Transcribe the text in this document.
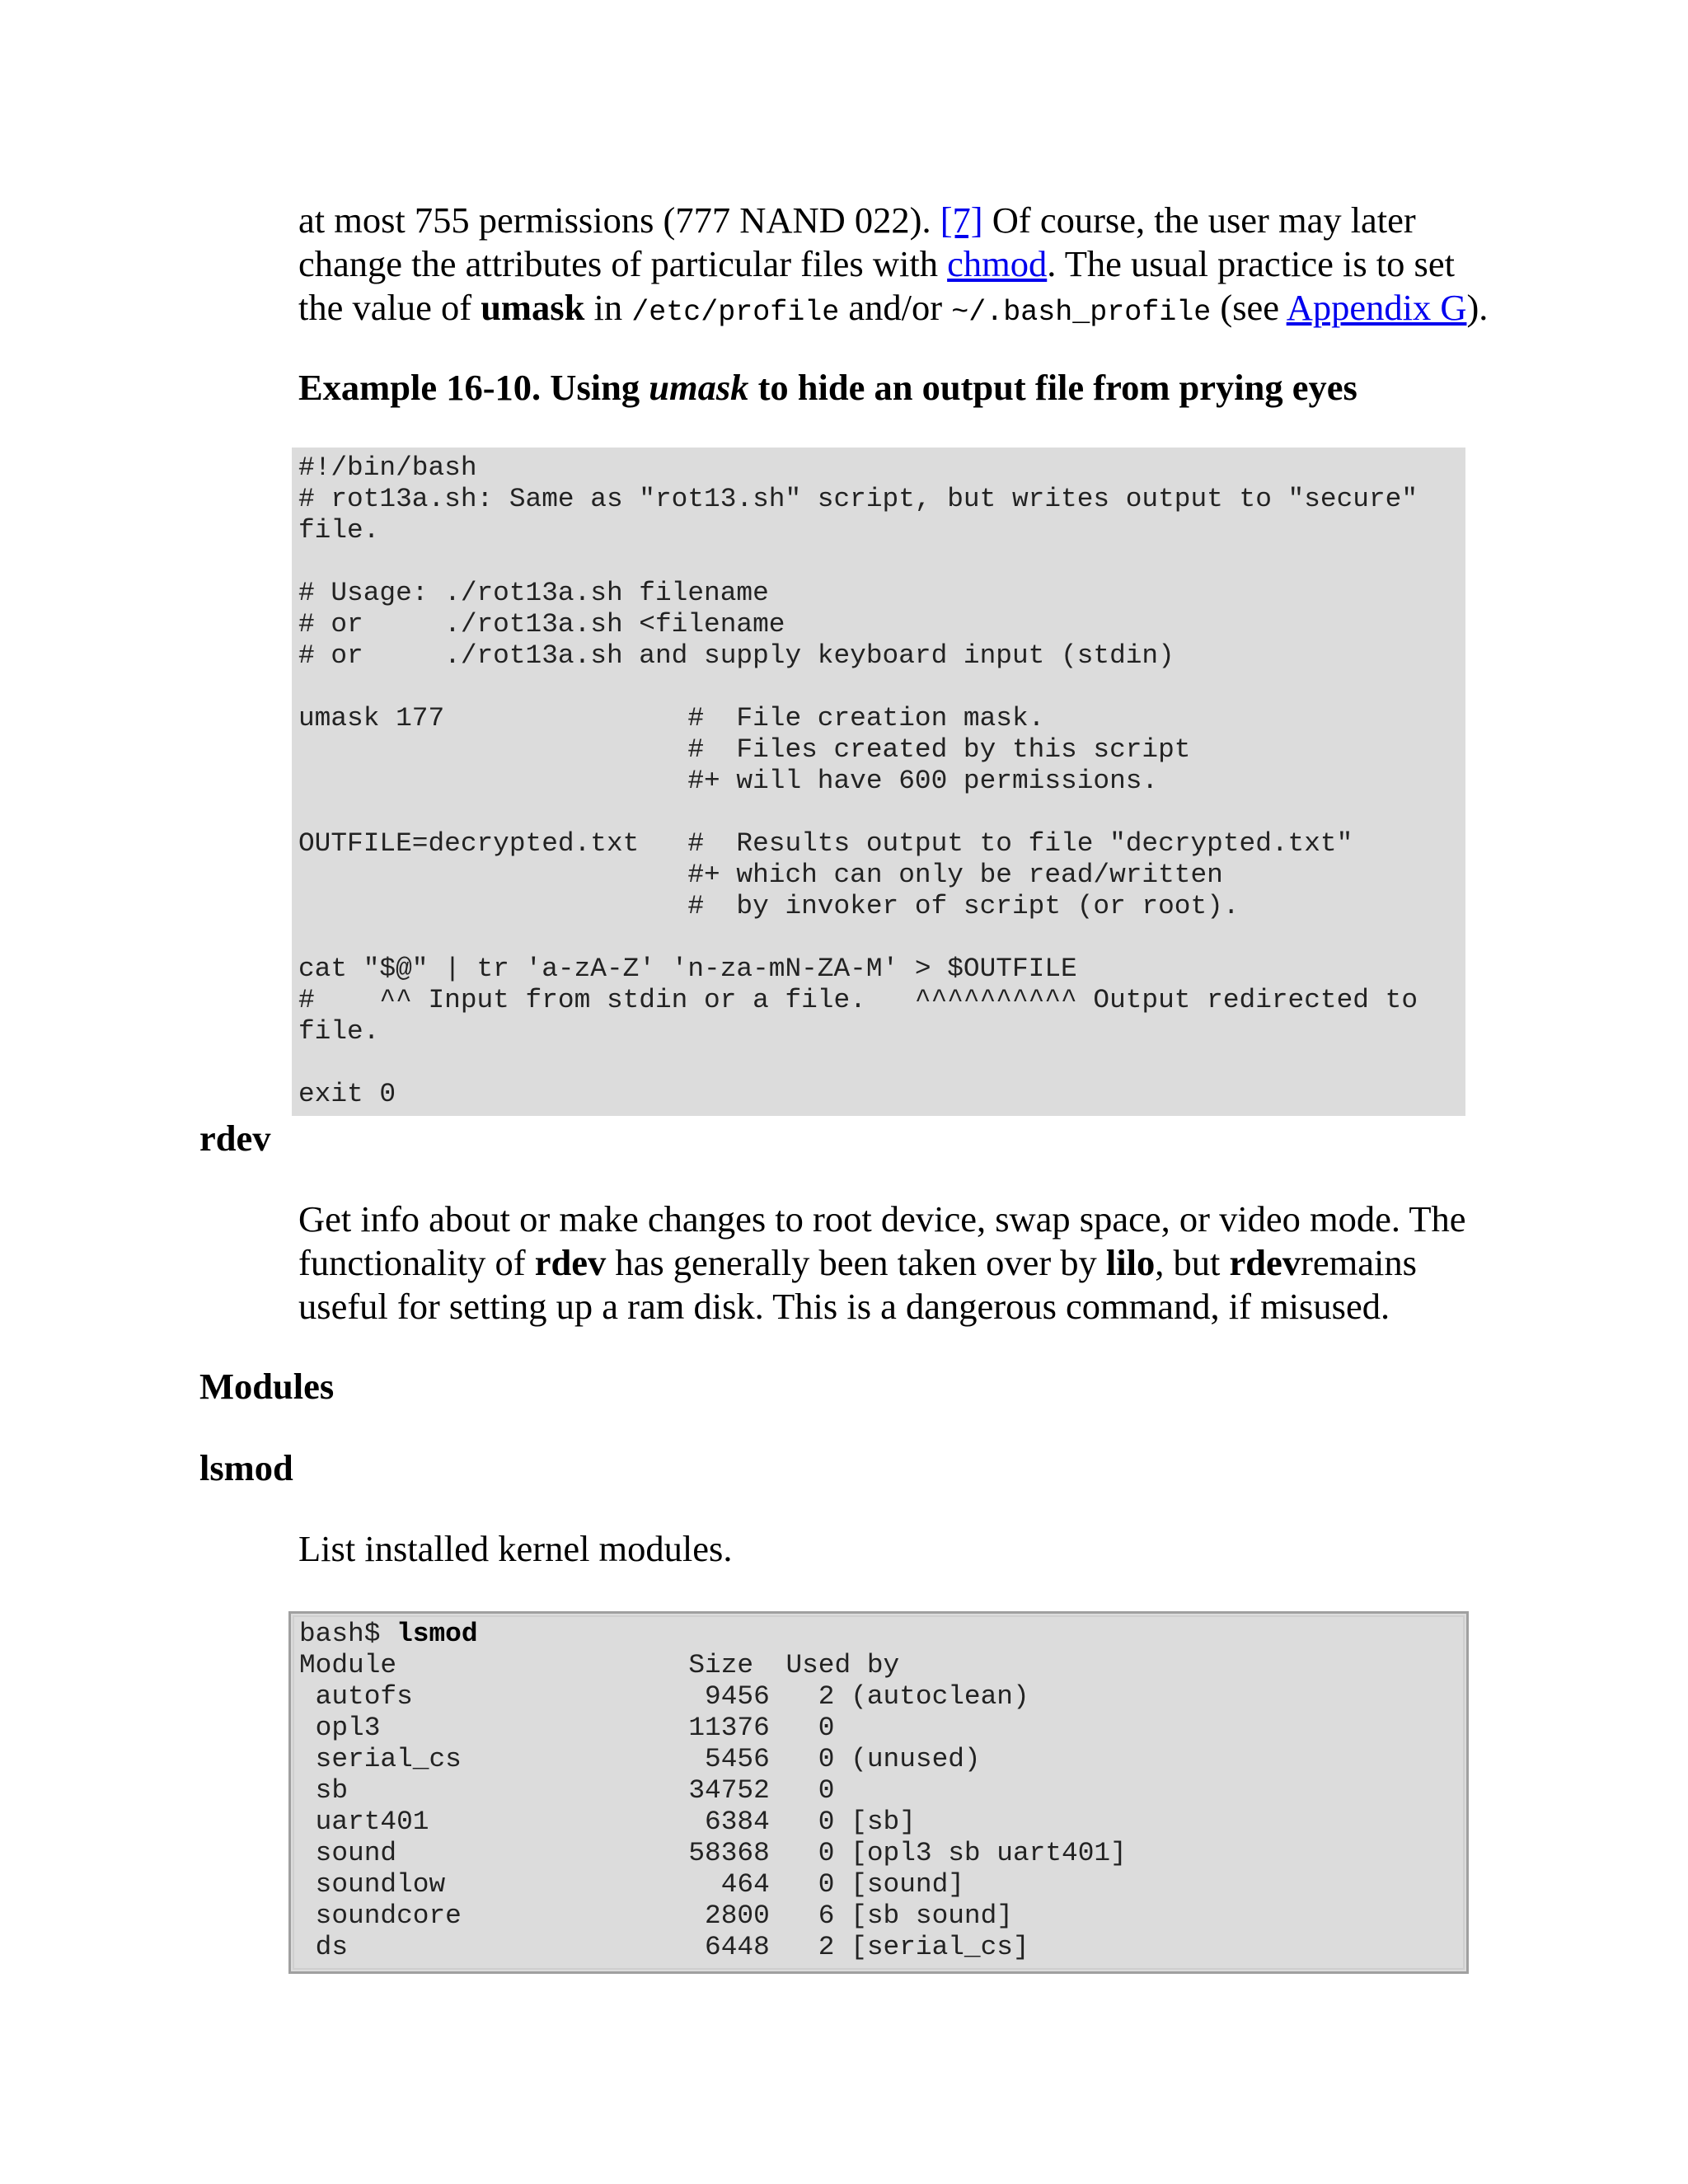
at most 755 permissions (777 NAND 022). [7] Of course, the user may later
change the attributes of particular files with chmod. The usual practice is to set
the value of umask in /etc/profile and/or ~/.bash_profile (see Appendix G).

Example 16-10. Using umask to hide an output file from prying eyes
#!/bin/bash
# rot13a.sh: Same as "rot13.sh" script, but writes output to "secure"
file.
# Usage: ./rot13a.sh filename
# or     ./rot13a.sh <filename
# or     ./rot13a.sh and supply keyboard input (stdin)
umask 177               #  File creation mask.
#  Files created by this script
#+ will have 600 permissions.
OUTFILE=decrypted.txt   #  Results output to file "decrypted.txt"
#+ which can only be read/written
#  by invoker of script (or root).
cat "$@" | tr 'a-zA-Z' 'n-za-mN-ZA-M' > $OUTFILE
#    ^^ Input from stdin or a file.   ^^^^^^^^^^ Output redirected to
file.
exit 0
rdev

Get info about or make changes to root device, swap space, or video mode. The
functionality of rdev has generally been taken over by lilo, but rdevremains
useful for setting up a ram disk. This is a dangerous command, if misused.

Modules
lsmod

List installed kernel modules.

bash$ lsmod
Module                  Size  Used by
autofs                  9456   2 (autoclean)
opl3                   11376   0
serial_cs               5456   0 (unused)
sb                     34752   0
uart401                 6384   0 [sb]
sound                  58368   0 [opl3 sb uart401]
soundlow                 464   0 [sound]
soundcore               2800   6 [sb sound]
ds                      6448   2 [serial_cs]
